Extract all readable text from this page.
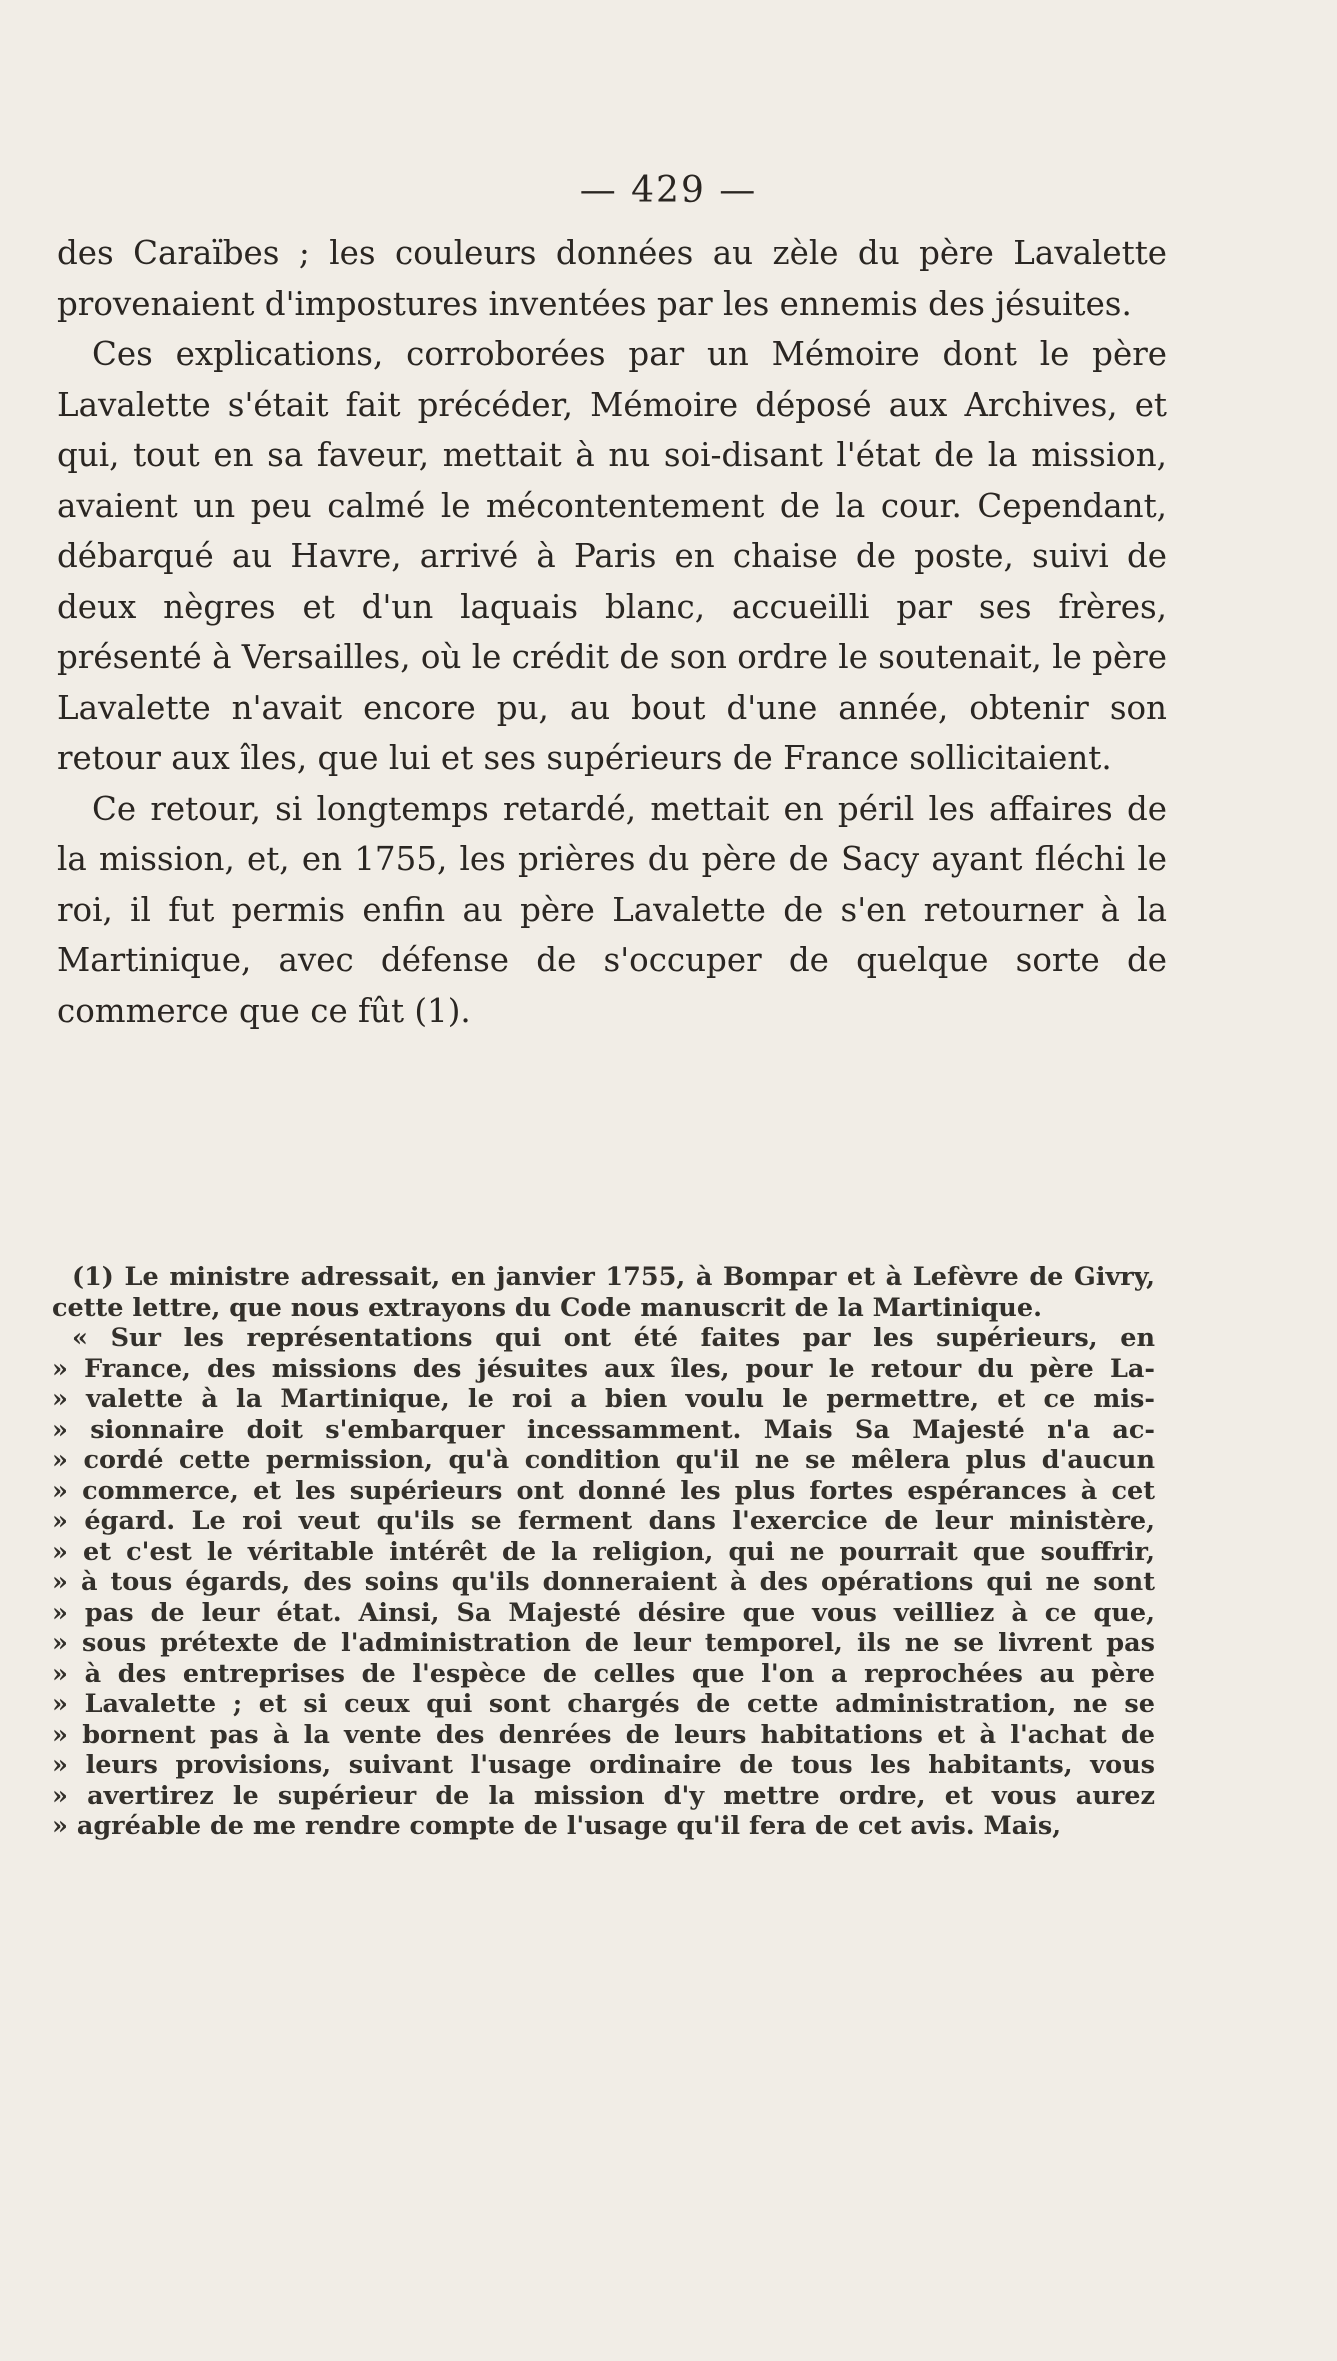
— 429 —

des Caraïbes ; les couleurs données au zèle du père Lavalette provenaient d'impostures inventées par les ennemis des jésuites.

Ces explications, corroborées par un Mémoire dont le père Lavalette s'était fait précéder, Mémoire déposé aux Archives, et qui, tout en sa faveur, mettait à nu soi-disant l'état de la mission, avaient un peu calmé le mécontentement de la cour. Cependant, débarqué au Havre, arrivé à Paris en chaise de poste, suivi de deux nègres et d'un laquais blanc, accueilli par ses frères, présenté à Versailles, où le crédit de son ordre le soutenait, le père Lavalette n'avait encore pu, au bout d'une année, obtenir son retour aux îles, que lui et ses supérieurs de France sollicitaient.

Ce retour, si longtemps retardé, mettait en péril les affaires de la mission, et, en 1755, les prières du père de Sacy ayant fléchi le roi, il fut permis enfin au père Lavalette de s'en retourner à la Martinique, avec défense de s'occuper de quelque sorte de commerce que ce fût (1).

(1) Le ministre adressait, en janvier 1755, à Bompar et à Lefèvre de Givry, cette lettre, que nous extrayons du Code manuscrit de la Martinique.

« Sur les représentations qui ont été faites par les supérieurs, en
» France, des missions des jésuites aux îles, pour le retour du père La-
» valette à la Martinique, le roi a bien voulu le permettre, et ce mis-
» sionnaire doit s'embarquer incessamment. Mais Sa Majesté n'a ac-
» cordé cette permission, qu'à condition qu'il ne se mêlera plus d'aucun
» commerce, et les supérieurs ont donné les plus fortes espérances à cet
» égard. Le roi veut qu'ils se ferment dans l'exercice de leur ministère,
» et c'est le véritable intérêt de la religion, qui ne pourrait que souffrir,
» à tous égards, des soins qu'ils donneraient à des opérations qui ne sont
» pas de leur état. Ainsi, Sa Majesté désire que vous veilliez à ce que,
» sous prétexte de l'administration de leur temporel, ils ne se livrent pas
» à des entreprises de l'espèce de celles que l'on a reprochées au père
» Lavalette ; et si ceux qui sont chargés de cette administration, ne se
» bornent pas à la vente des denrées de leurs habitations et à l'achat de
» leurs provisions, suivant l'usage ordinaire de tous les habitants, vous
» avertirez le supérieur de la mission d'y mettre ordre, et vous aurez
» agréable de me rendre compte de l'usage qu'il fera de cet avis. Mais,
